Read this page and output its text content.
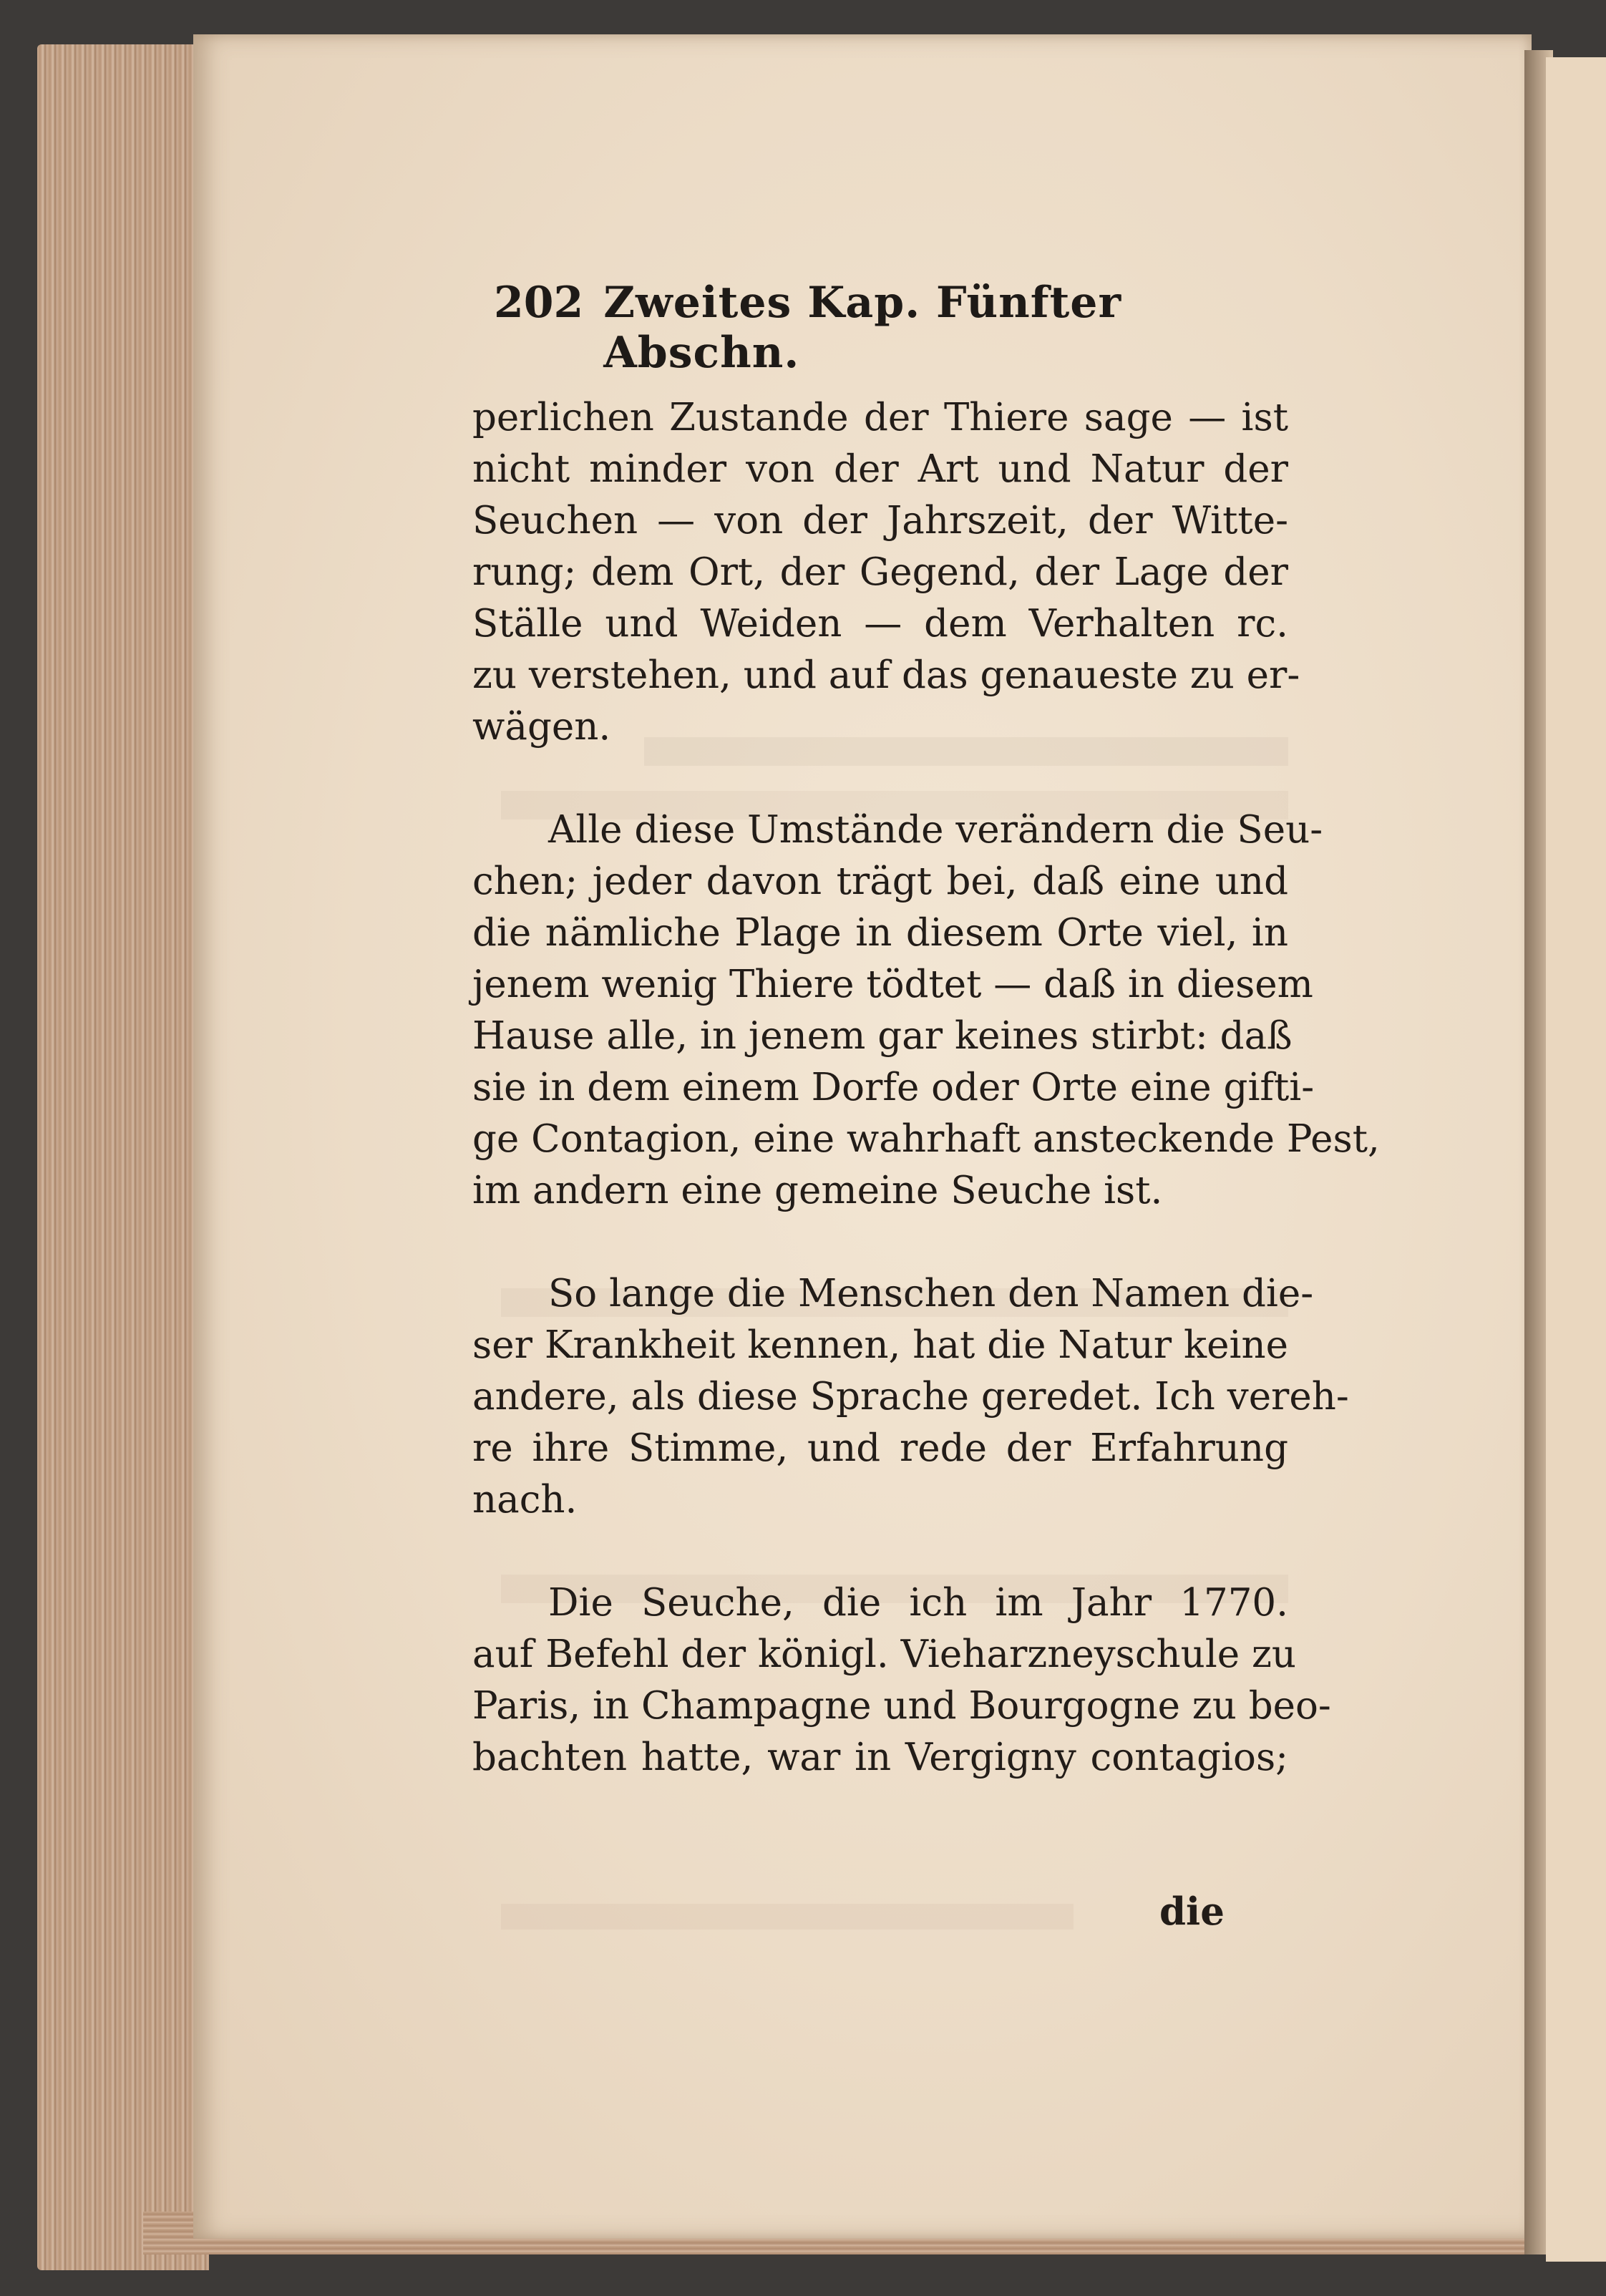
202 Zweites Kap. Fünfter Abschn.

perlichen Zustande der Thiere sage — ist
nicht minder von der Art und Natur der
Seuchen — von der Jahrszeit, der Witte-
rung; dem Ort, der Gegend, der Lage der
Ställe und Weiden — dem Verhalten rc.
zu verstehen, und auf das genaueste zu er-
wägen.

Alle diese Umstände verändern die Seu-
chen; jeder davon trägt bei, daß eine und
die nämliche Plage in diesem Orte viel, in
jenem wenig Thiere tödtet — daß in diesem
Hause alle, in jenem gar keines stirbt: daß
sie in dem einem Dorfe oder Orte eine gifti-
ge Contagion, eine wahrhaft ansteckende Pest,
im andern eine gemeine Seuche ist.

So lange die Menschen den Namen die-
ser Krankheit kennen, hat die Natur keine
andere, als diese Sprache geredet. Ich vereh-
re ihre Stimme, und rede der Erfahrung
nach.

Die Seuche, die ich im Jahr 1770.
auf Befehl der königl. Vieharzneyschule zu
Paris, in Champagne und Bourgogne zu beo-
bachten hatte, war in Vergigny contagios;

die
